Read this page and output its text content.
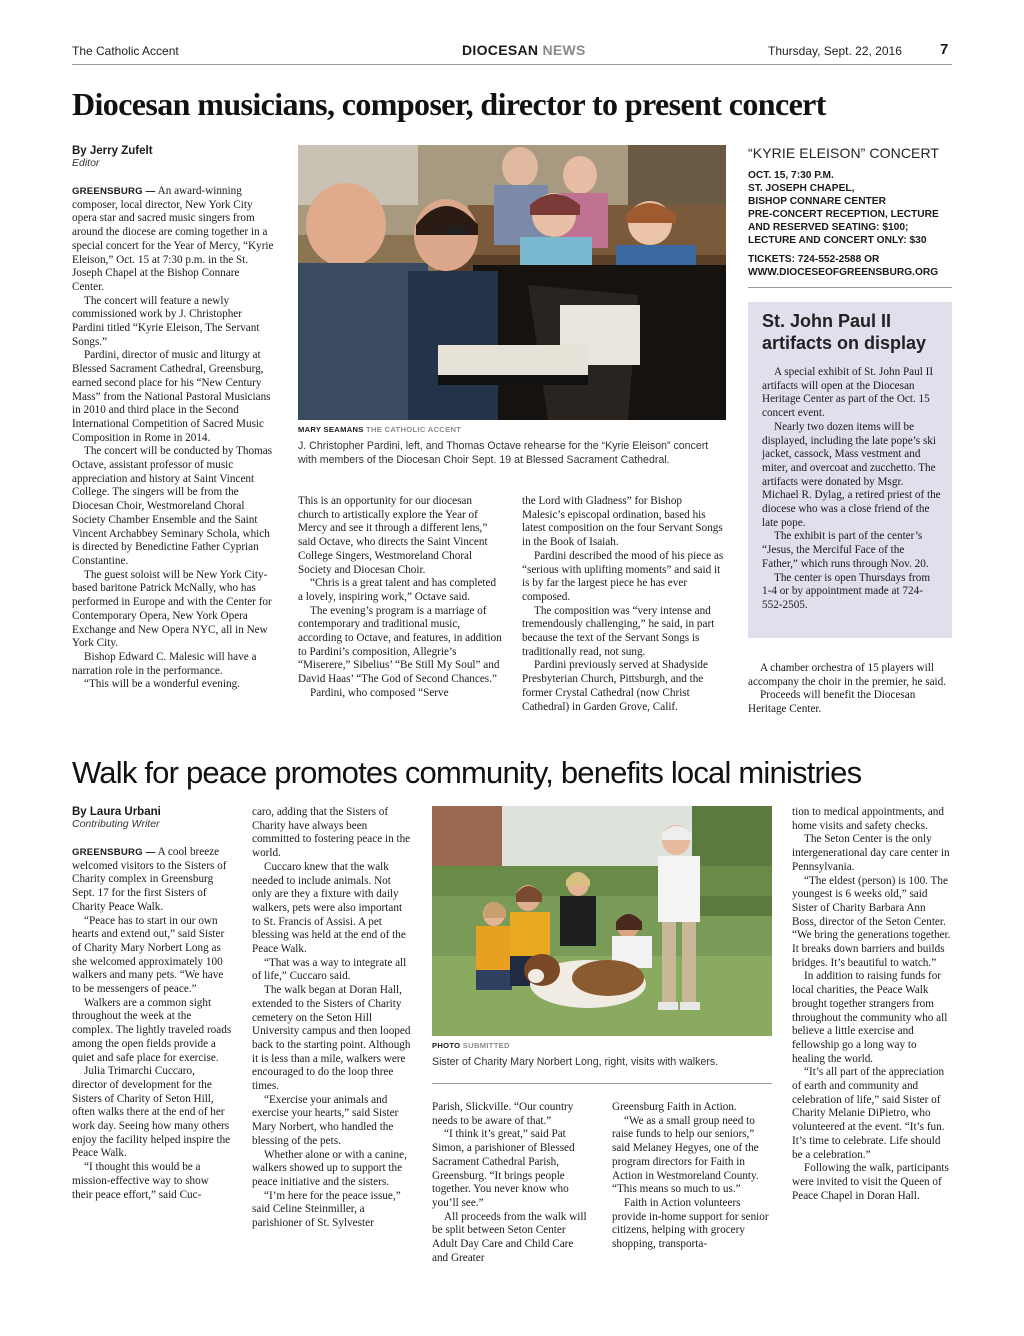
The Catholic Accent	DIOCESAN NEWS	Thursday, Sept. 22, 2016	7
Diocesan musicians, composer, director to present concert
By Jerry Zufelt
Editor

GREENSBURG — An award-winning composer, local director, New York City opera star and sacred music singers from around the diocese are coming together in a special concert for the Year of Mercy, “Kyrie Eleison,” Oct. 15 at 7:30 p.m. in the St. Joseph Chapel at the Bishop Connare Center.

The concert will feature a newly commissioned work by J. Christopher Pardini titled “Kyrie Eleison, The Servant Songs.”

Pardini, director of music and liturgy at Blessed Sacrament Cathedral, Greensburg, earned second place for his “New Century Mass” from the National Pastoral Musicians in 2010 and third place in the Second International Competition of Sacred Music Composition in Rome in 2014.

The concert will be conducted by Thomas Octave, assistant professor of music appreciation and history at Saint Vincent College. The singers will be from the Diocesan Choir, Westmoreland Choral Society Chamber Ensemble and the Saint Vincent Archabbey Seminary Schola, which is directed by Benedictine Father Cyprian Constantine.

The guest soloist will be New York City-based baritone Patrick McNally, who has performed in Europe and with the Center for Contemporary Opera, New York Opera Exchange and New Opera NYC, all in New York City.

Bishop Edward C. Malesic will have a narration role in the performance.

“This will be a wonderful evening.

MARY SEAMANS THE CATHOLIC ACCENT
J. Christopher Pardini, left, and Thomas Octave rehearse for the “Kyrie Eleison” concert with members of the Diocesan Choir Sept. 19 at Blessed Sacrament Cathedral.

This is an opportunity for our diocesan church to artistically explore the Year of Mercy and see it through a different lens,” said Octave, who directs the Saint Vincent College Singers, Westmoreland Choral Society and Diocesan Choir.

“Chris is a great talent and has completed a lovely, inspiring work,” Octave said.

The evening’s program is a marriage of contemporary and traditional music, according to Octave, and features, in addition to Pardini’s composition, Allegrie’s “Miserere,” Sibelius’ “Be Still My Soul” and David Haas’ “The God of Second Chances.”

Pardini, who composed “Serve

the Lord with Gladness” for Bishop Malesic’s episcopal ordination, based his latest composition on the four Servant Songs in the Book of Isaiah.

Pardini described the mood of his piece as “serious with uplifting moments” and said it is by far the largest piece he has ever composed.

The composition was “very intense and tremendously challenging,” he said, in part because the text of the Servant Songs is traditionally read, not sung.

Pardini previously served at Shadyside Presbyterian Church, Pittsburgh, and the former Crystal Cathedral (now Christ Cathedral) in Garden Grove, Calif.

“KYRIE ELEISON” CONCERT
OCT. 15, 7:30 P.M.
ST. JOSEPH CHAPEL,
BISHOP CONNARE CENTER
PRE-CONCERT RECEPTION, LECTURE
AND RESERVED SEATING: $100;
LECTURE AND CONCERT ONLY: $30
TICKETS: 724-552-2588 OR
WWW.DIOCESEOFGREENSBURG.ORG
St. John Paul II artifacts on display

A special exhibit of St. John Paul II artifacts will open at the Diocesan Heritage Center as part of the Oct. 15 concert event.

Nearly two dozen items will be displayed, including the late pope’s ski jacket, cassock, Mass vestment and miter, and overcoat and zucchetto. The artifacts were donated by Msgr. Michael R. Dylag, a retired priest of the diocese who was a close friend of the late pope.

The exhibit is part of the center’s “Jesus, the Merciful Face of the Father,” which runs through Nov. 20.

The center is open Thursdays from 1-4 or by appointment made at 724-552-2505.

A chamber orchestra of 15 players will accompany the choir in the premier, he said.

Proceeds will benefit the Diocesan Heritage Center.

Walk for peace promotes community, benefits local ministries
By Laura Urbani
Contributing Writer

GREENSBURG — A cool breeze welcomed visitors to the Sisters of Charity complex in Greensburg Sept. 17 for the first Sisters of Charity Peace Walk.

“Peace has to start in our own hearts and extend out,” said Sister of Charity Mary Norbert Long as she welcomed approximately 100 walkers and many pets. “We have to be messengers of peace.”

Walkers are a common sight throughout the week at the complex. The lightly traveled roads among the open fields provide a quiet and safe place for exercise.

Julia Trimarchi Cuccaro, director of development for the Sisters of Charity of Seton Hill, often walks there at the end of her work day. Seeing how many others enjoy the facility helped inspire the Peace Walk.

“I thought this would be a mission-effective way to show their peace effort,” said Cuc-

caro, adding that the Sisters of Charity have always been committed to fostering peace in the world.

Cuccaro knew that the walk needed to include animals. Not only are they a fixture with daily walkers, pets were also important to St. Francis of Assisi. A pet blessing was held at the end of the Peace Walk.

“That was a way to integrate all of life,” Cuccaro said.

The walk began at Doran Hall, extended to the Sisters of Charity cemetery on the Seton Hill University campus and then looped back to the starting point. Although it is less than a mile, walkers were encouraged to do the loop three times.

“Exercise your animals and exercise your hearts,” said Sister Mary Norbert, who handled the blessing of the pets.

Whether alone or with a canine, walkers showed up to support the peace initiative and the sisters.

“I’m here for the peace issue,” said Celine Steinmiller, a parishioner of St. Sylvester

PHOTO SUBMITTED
Sister of Charity Mary Norbert Long, right, visits with walkers.

Parish, Slickville. “Our country needs to be aware of that.”

“I think it’s great,” said Pat Simon, a parishioner of Blessed Sacrament Cathedral Parish, Greensburg. “It brings people together. You never know who you’ll see.”

All proceeds from the walk will be split between Seton Center Adult Day Care and Child Care and Greater

Greensburg Faith in Action.

“We as a small group need to raise funds to help our seniors,” said Melaney Hegyes, one of the program directors for Faith in Action in Westmoreland County. “This means so much to us.”

Faith in Action volunteers provide in-home support for senior citizens, helping with grocery shopping, transporta-

tion to medical appointments, and home visits and safety checks.

The Seton Center is the only intergenerational day care center in Pennsylvania.

“The eldest (person) is 100. The youngest is 6 weeks old,” said Sister of Charity Barbara Ann Boss, director of the Seton Center. “We bring the generations together. It breaks down barriers and builds bridges. It’s beautiful to watch.”

In addition to raising funds for local charities, the Peace Walk brought together strangers from throughout the community who all believe a little exercise and fellowship go a long way to healing the world.

“It’s all part of the appreciation of earth and community and celebration of life,” said Sister of Charity Melanie DiPietro, who volunteered at the event. “It’s fun. It’s time to celebrate. Life should be a celebration.”

Following the walk, participants were invited to visit the Queen of Peace Chapel in Doran Hall.
